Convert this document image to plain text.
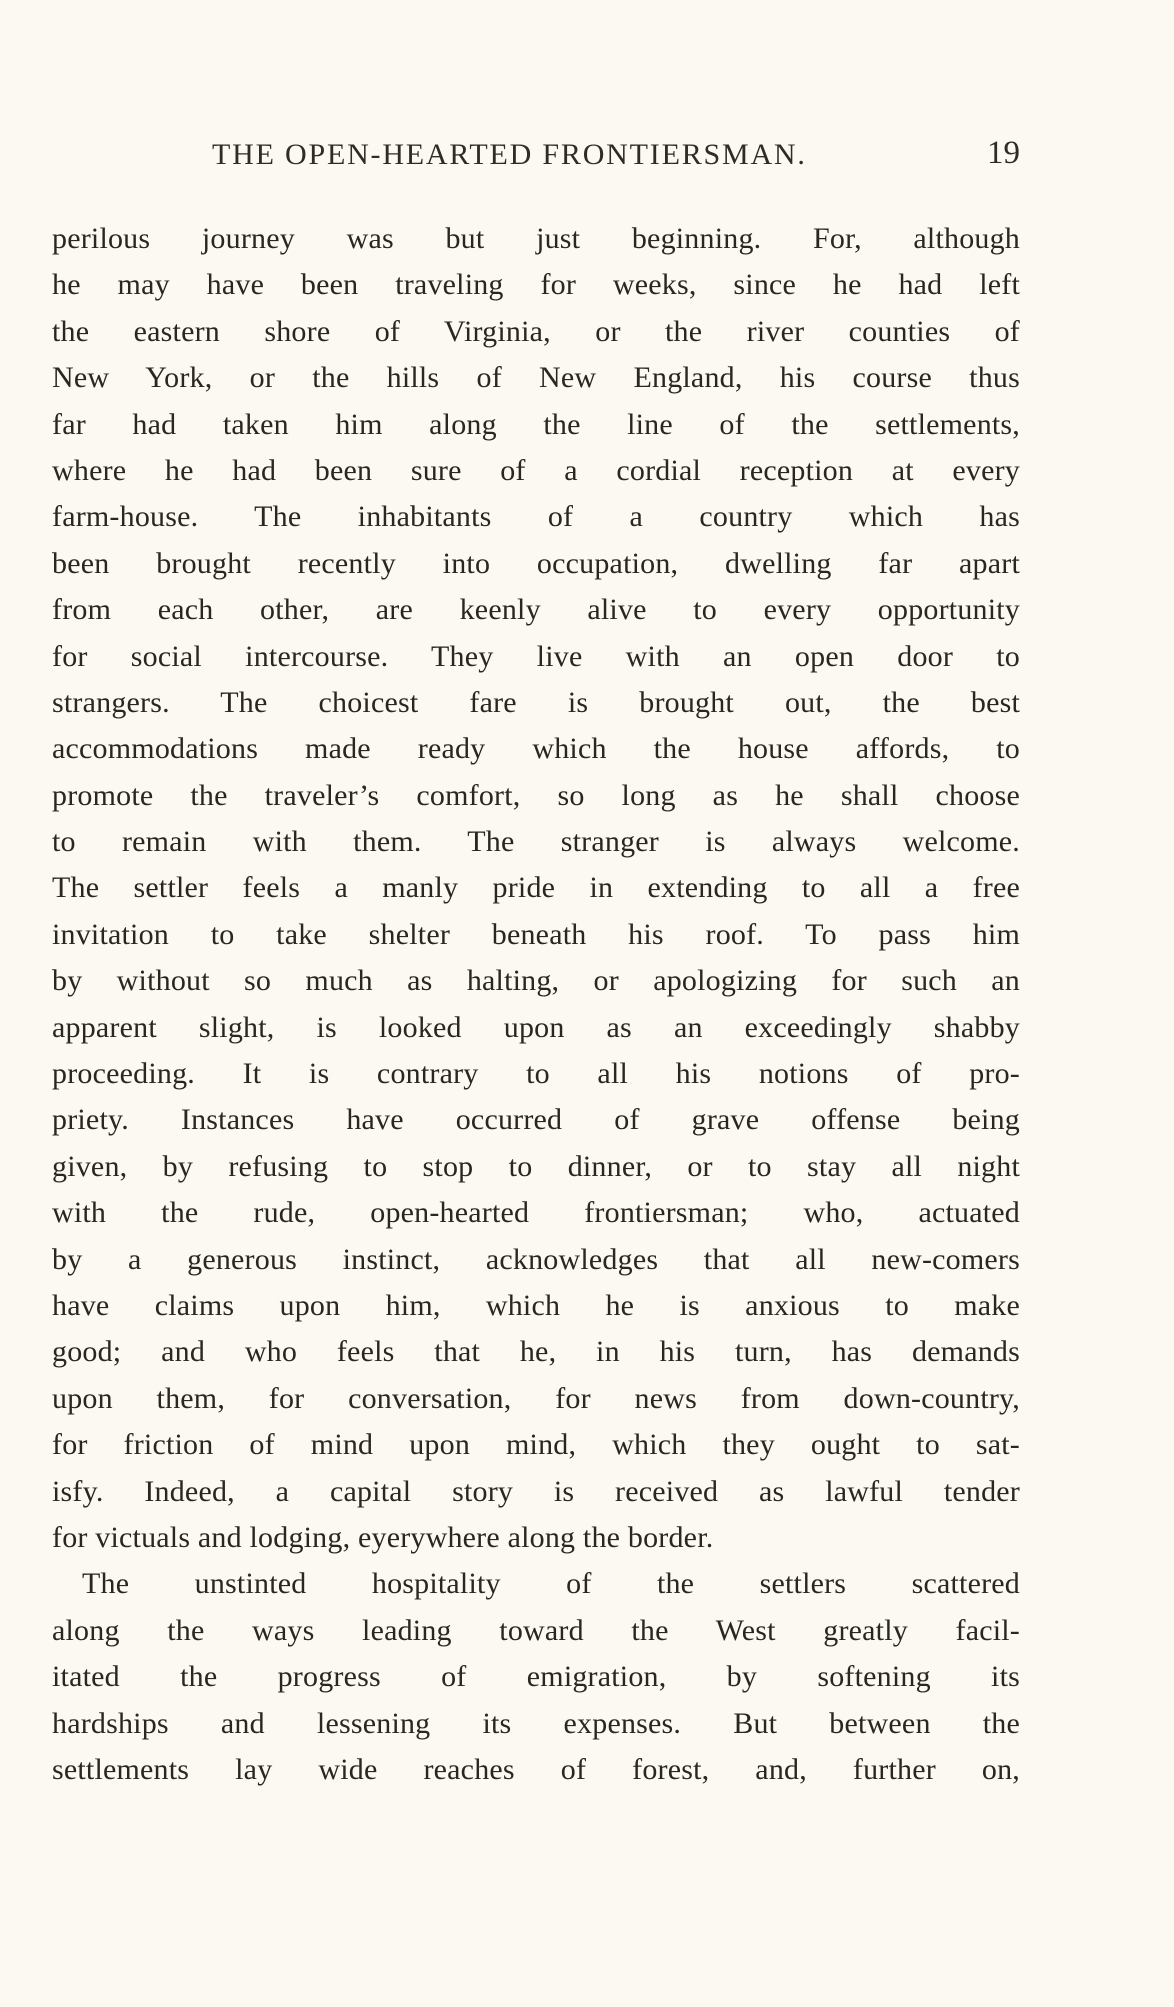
THE OPEN-HEARTED FRONTIERSMAN.	19
perilous journey was but just beginning. For, although
he may have been traveling for weeks, since he had left
the eastern shore of Virginia, or the river counties of
New York, or the hills of New England, his course thus
far had taken him along the line of the settlements,
where he had been sure of a cordial reception at every
farm-house. The inhabitants of a country which has
been brought recently into occupation, dwelling far apart
from each other, are keenly alive to every opportunity
for social intercourse. They live with an open door to
strangers. The choicest fare is brought out, the best
accommodations made ready which the house affords, to
promote the traveler’s comfort, so long as he shall choose
to remain with them. The stranger is always welcome.
The settler feels a manly pride in extending to all a free
invitation to take shelter beneath his roof. To pass him
by without so much as halting, or apologizing for such an
apparent slight, is looked upon as an exceedingly shabby
proceeding. It is contrary to all his notions of pro-
priety. Instances have occurred of grave offense being
given, by refusing to stop to dinner, or to stay all night
with the rude, open-hearted frontiersman; who, actuated
by a generous instinct, acknowledges that all new-comers
have claims upon him, which he is anxious to make
good; and who feels that he, in his turn, has demands
upon them, for conversation, for news from down-country,
for friction of mind upon mind, which they ought to sat-
isfy. Indeed, a capital story is received as lawful tender
for victuals and lodging, eyerywhere along the border.
The unstinted hospitality of the settlers scattered
along the ways leading toward the West greatly facil-
itated the progress of emigration, by softening its
hardships and lessening its expenses. But between the
settlements lay wide reaches of forest, and, further on,
